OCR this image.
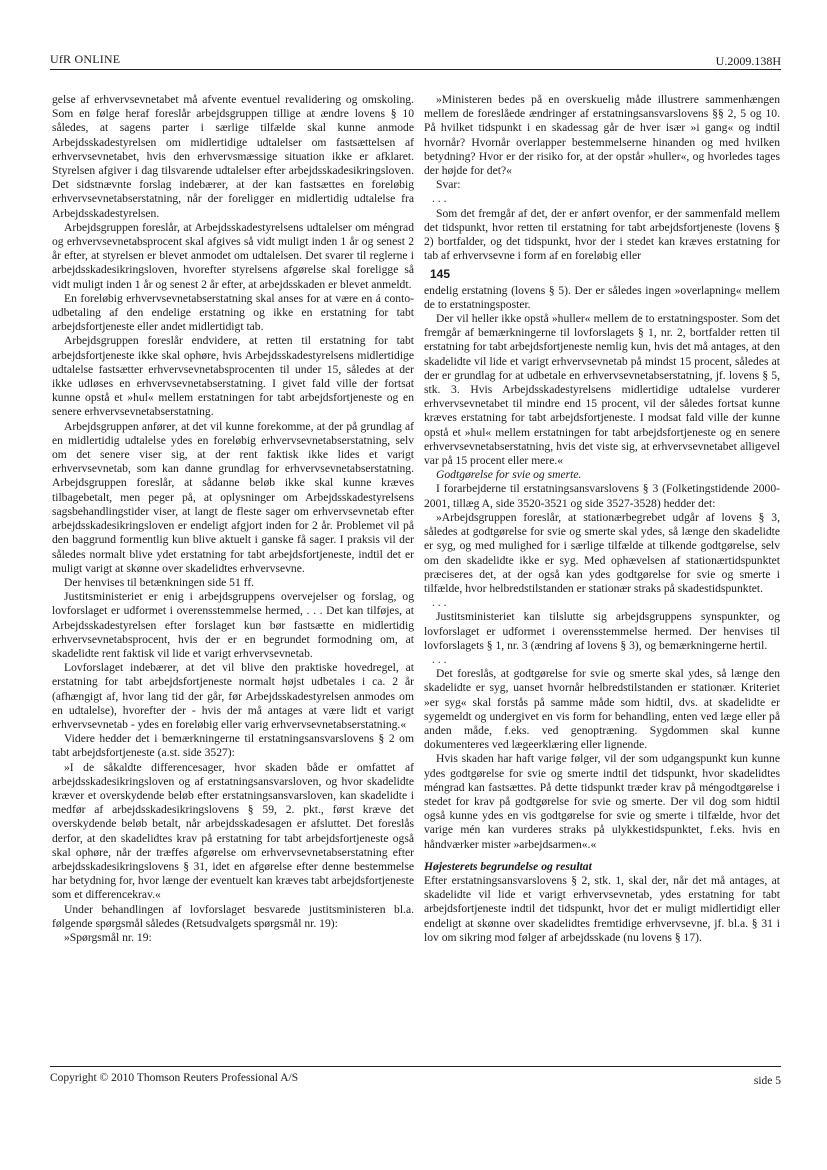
UfR ONLINE	U.2009.138H

gelse af erhvervsevnetabet må afvente eventuel revalidering og omskoling. Som en følge heraf foreslår arbejdsgruppen tillige at ændre lovens § 10 således, at sagens parter i særlige tilfælde skal kunne anmode Arbejdsskadestyrelsen om midlertidige udtalelser om fastsættelsen af erhvervsevnetabet, hvis den erhvervsmæssige situation ikke er afklaret. Styrelsen afgiver i dag tilsvarende udtalelser efter arbejdsskadesikringsloven. Det sidstnævnte forslag indebærer, at der kan fastsættes en foreløbig erhvervsevnetabserstatning, når der foreligger en midlertidig udtalelse fra Arbejdsskadestyrelsen.

Arbejdsgruppen foreslår, at Arbejdsskadestyrelsens udtalelser om méngrad og erhvervsevnetabsprocent skal afgives så vidt muligt inden 1 år og senest 2 år efter, at styrelsen er blevet anmodet om udtalelsen. Det svarer til reglerne i arbejdsskadesikringsloven, hvorefter styrelsens afgørelse skal foreligge så vidt muligt inden 1 år og senest 2 år efter, at arbejdsskaden er blevet anmeldt.

En foreløbig erhvervsevnetabserstatning skal anses for at være en á conto-udbetaling af den endelige erstatning og ikke en erstatning for tabt arbejdsfortjeneste eller andet midlertidigt tab.

Arbejdsgruppen foreslår endvidere, at retten til erstatning for tabt arbejdsfortjeneste ikke skal ophøre, hvis Arbejdsskadestyrelsens midlertidige udtalelse fastsætter erhvervsevnetabsprocenten til under 15, således at der ikke udløses en erhvervsevnetabserstatning. I givet fald ville der fortsat kunne opstå et »hul« mellem erstatningen for tabt arbejdsfortjeneste og en senere erhvervsevnetabserstatning.

Arbejdsgruppen anfører, at det vil kunne forekomme, at der på grundlag af en midlertidig udtalelse ydes en foreløbig erhvervsevnetabserstatning, selv om det senere viser sig, at der rent faktisk ikke lides et varigt erhvervsevnetab, som kan danne grundlag for erhvervsevnetabserstatning. Arbejdsgruppen foreslår, at sådanne beløb ikke skal kunne kræves tilbagebetalt, men peger på, at oplysninger om Arbejdsskadestyrelsens sagsbehandlingstider viser, at langt de fleste sager om erhvervsevnetab efter arbejdsskadesikringsloven er endeligt afgjort inden for 2 år. Problemet vil på den baggrund formentlig kun blive aktuelt i ganske få sager. I praksis vil der således normalt blive ydet erstatning for tabt arbejdsfortjeneste, indtil det er muligt varigt at skønne over skadelidtes erhvervsevne.

Der henvises til betænkningen side 51 ff.

Justitsministeriet er enig i arbejdsgruppens overvejelser og forslag, og lovforslaget er udformet i overensstemmelse hermed, . . . Det kan tilføjes, at Arbejdsskadestyrelsen efter forslaget kun bør fastsætte en midlertidig erhvervsevnetabsprocent, hvis der er en begrundet formodning om, at skadelidte rent faktisk vil lide et varigt erhvervsevnetab.

Lovforslaget indebærer, at det vil blive den praktiske hovedregel, at erstatning for tabt arbejdsfortjeneste normalt højst udbetales i ca. 2 år (afhængigt af, hvor lang tid der går, før Arbejdsskadestyrelsen anmodes om en udtalelse), hvorefter der - hvis der må antages at være lidt et varigt erhvervsevnetab - ydes en foreløbig eller varig erhvervsevnetabserstatning.«

Videre hedder det i bemærkningerne til erstatningsansvarslovens § 2 om tabt arbejdsfortjeneste (a.st. side 3527):

»I de såkaldte differencesager, hvor skaden både er omfattet af arbejdsskadesikringsloven og af erstatningsansvarsloven, og hvor skadelidte kræver et overskydende beløb efter erstatningsansvarsloven, kan skadelidte i medfør af arbejdsskadesikringslovens § 59, 2. pkt., først kræve det overskydende beløb betalt, når arbejdsskadesagen er afsluttet. Det foreslås derfor, at den skadelidtes krav på erstatning for tabt arbejdsfortjeneste også skal ophøre, når der træffes afgørelse om erhvervsevnetabserstatning efter arbejdsskadesikringslovens § 31, idet en afgørelse efter denne bestemmelse har betydning for, hvor længe der eventuelt kan kræves tabt arbejdsfortjeneste som et differencekrav.«

Under behandlingen af lovforslaget besvarede justitsministeren bl.a. følgende spørgsmål således (Retsudvalgets spørgsmål nr. 19):

»Spørgsmål nr. 19:

»Ministeren bedes på en overskuelig måde illustrere sammenhængen mellem de foreslåede ændringer af erstatningsansvarslovens §§ 2, 5 og 10. På hvilket tidspunkt i en skadessag går de hver især »i gang« og indtil hvornår? Hvornår overlapper bestemmelserne hinanden og med hvilken betydning? Hvor er der risiko for, at der opstår »huller«, og hvorledes tages der højde for det?«

Svar:

. . .

Som det fremgår af det, der er anført ovenfor, er der sammenfald mellem det tidspunkt, hvor retten til erstatning for tabt arbejdsfortjeneste (lovens § 2) bortfalder, og det tidspunkt, hvor der i stedet kan kræves erstatning for tab af erhvervsevne i form af en foreløbig eller

145

endelig erstatning (lovens § 5). Der er således ingen »overlapning« mellem de to erstatningsposter.

Der vil heller ikke opstå »huller« mellem de to erstatningsposter. Som det fremgår af bemærkningerne til lovforslagets § 1, nr. 2, bortfalder retten til erstatning for tabt arbejdsfortjeneste nemlig kun, hvis det må antages, at den skadelidte vil lide et varigt erhvervsevnetab på mindst 15 procent, således at der er grundlag for at udbetale en erhvervsevnetabserstatning, jf. lovens § 5, stk. 3. Hvis Arbejdsskadestyrelsens midlertidige udtalelse vurderer erhvervsevnetabet til mindre end 15 procent, vil der således fortsat kunne kræves erstatning for tabt arbejdsfortjeneste. I modsat fald ville der kunne opstå et »hul« mellem erstatningen for tabt arbejdsfortjeneste og en senere erhvervsevnetabserstatning, hvis det viste sig, at erhvervsevnetabet alligevel var på 15 procent eller mere.«

Godtgørelse for svie og smerte.

I forarbejderne til erstatningsansvarslovens § 3 (Folketingstidende 2000-2001, tillæg A, side 3520-3521 og side 3527-3528) hedder det:

»Arbejdsgruppen foreslår, at stationærbegrebet udgår af lovens § 3, således at godtgørelse for svie og smerte skal ydes, så længe den skadelidte er syg, og med mulighed for i særlige tilfælde at tilkende godtgørelse, selv om den skadelidte ikke er syg. Med ophævelsen af stationærtidspunktet præciseres det, at der også kan ydes godtgørelse for svie og smerte i tilfælde, hvor helbredstilstanden er stationær straks på skadestidspunktet.

. . .

Justitsministeriet kan tilslutte sig arbejdsgruppens synspunkter, og lovforslaget er udformet i overensstemmelse hermed. Der henvises til lovforslagets § 1, nr. 3 (ændring af lovens § 3), og bemærkningerne hertil.

. . .

Det foreslås, at godtgørelse for svie og smerte skal ydes, så længe den skadelidte er syg, uanset hvornår helbredstilstanden er stationær. Kriteriet »er syg« skal forstås på samme måde som hidtil, dvs. at skadelidte er sygemeldt og undergivet en vis form for behandling, enten ved læge eller på anden måde, f.eks. ved genoptræning. Sygdommen skal kunne dokumenteres ved lægeerklæring eller lignende.

Hvis skaden har haft varige følger, vil der som udgangspunkt kun kunne ydes godtgørelse for svie og smerte indtil det tidspunkt, hvor skadelidtes méngrad kan fastsættes. På dette tidspunkt træder krav på méngodtgørelse i stedet for krav på godtgørelse for svie og smerte. Der vil dog som hidtil også kunne ydes en vis godtgørelse for svie og smerte i tilfælde, hvor det varige mén kan vurderes straks på ulykkestidspunktet, f.eks. hvis en håndværker mister »arbejdsarmen«.«

Højesterets begrundelse og resultat

Efter erstatningsansvarslovens § 2, stk. 1, skal der, når det må antages, at skadelidte vil lide et varigt erhvervsevnetab, ydes erstatning for tabt arbejdsfortjeneste indtil det tidspunkt, hvor det er muligt midlertidigt eller endeligt at skønne over skadelidtes fremtidige erhvervsevne, jf. bl.a. § 31 i lov om sikring mod følger af arbejdsskade (nu lovens § 17).

Copyright © 2010 Thomson Reuters Professional A/S	side 5
